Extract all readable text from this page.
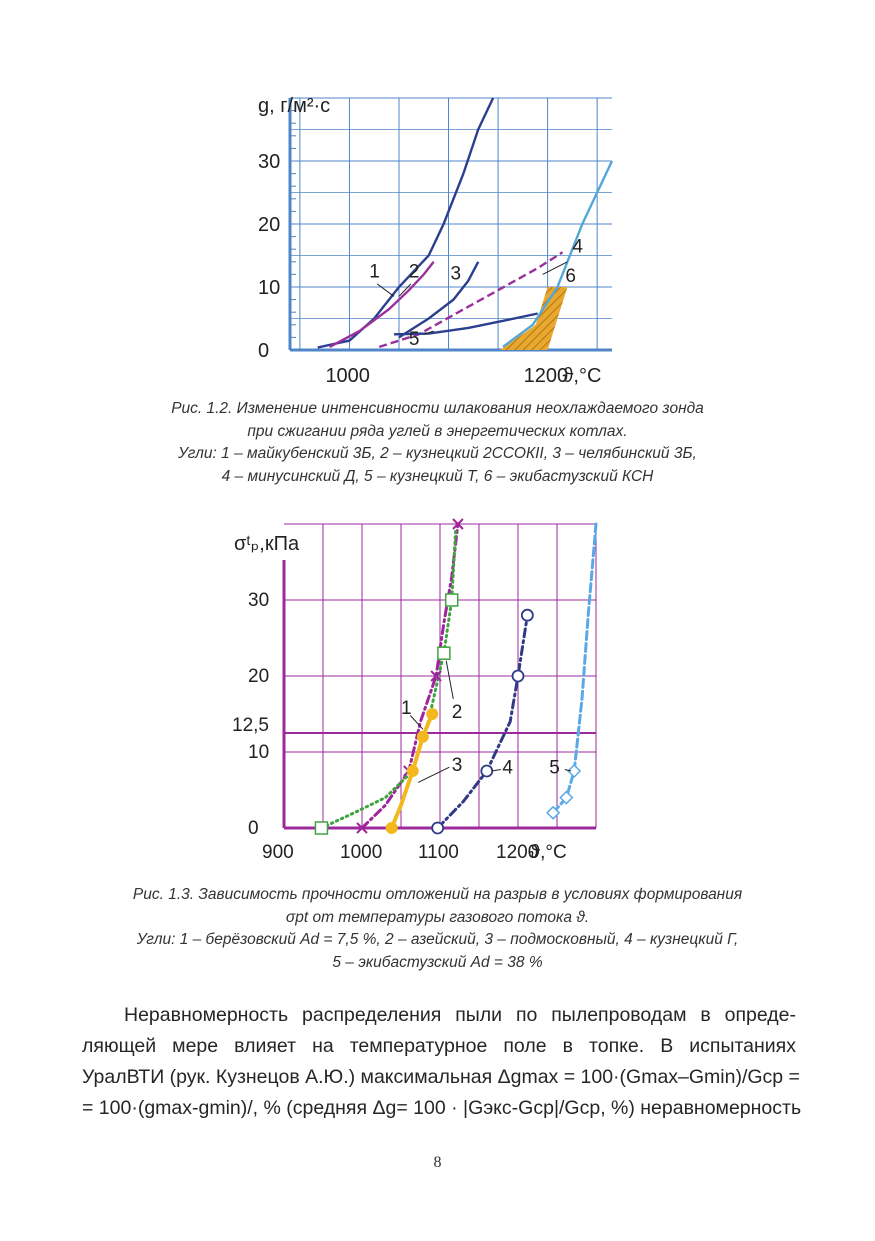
0
10
20
30
1000	1200
ϑ,°C
g, г/м²·с
1 2 3
4
5
6
Рис. 1.2. Изменение интенсивности шлакования неохлаждаемого зонда
при сжигании ряда углей в энергетических котлах.
Угли: 1 – майкубенский 3Б, 2 – кузнецкий 2ССОКII, 3 – челябинский 3Б,
4 – минусинский Д, 5 – кузнецкий Т, 6 – экибастузский КСН
0
10
12,5
20
30
900 1000 1100 1200
ϑ,°C
σᵗₚ,кПа
1 2
3 4 5
Рис. 1.3. Зависимость прочности отложений на разрыв в условиях формирования
σpt от температуры газового потока ϑ.
Угли: 1 – берёзовский Ad = 7,5 %, 2 – азейский, 3 – подмосковный, 4 – кузнецкий Г,
5 – экибастузский Ad = 38 %
Неравномерность распределения пыли по пылепроводам в опреде-
ляющей мере влияет на температурное поле в топке. В испытаниях
УралВТИ (рук. Кузнецов А.Ю.) максимальная Δgmax = 100·(Gmax–Gmin)/Gср =
= 100·(gmax-gmin)/, % (средняя Δg= 100 · |Gэкс-Gср|/Gср, %) неравномерность
8
